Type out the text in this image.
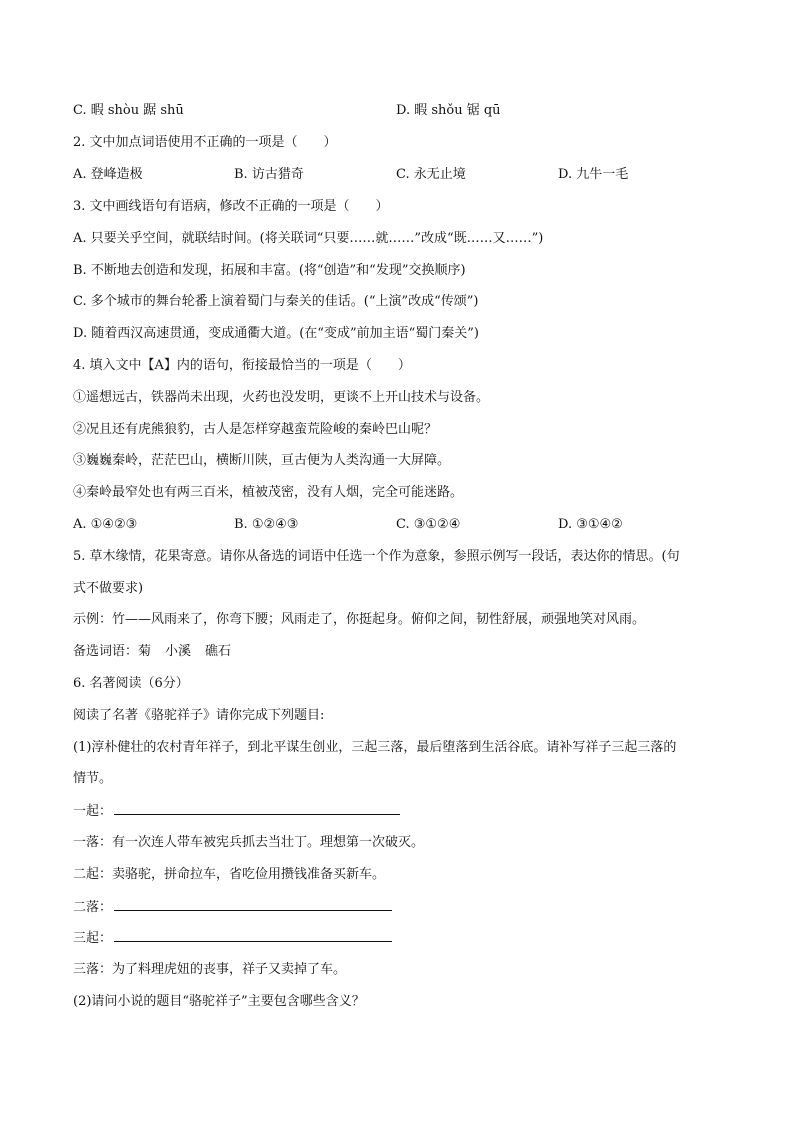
C. 暇 shòu 踞 shū	D. 暇 shǒu 锯 qū
2. 文中加点词语使用不正确的一项是（　　）
A. 登峰造极	B. 访古猎奇	C. 永无止境	D. 九牛一毛
3. 文中画线语句有语病，修改不正确的一项是（　　）
A. 只要关乎空间，就联结时间。(将关联词“只要……就……”改成“既……又……”)
B. 不断地去创造和发现，拓展和丰富。(将“创造”和“发现”交换顺序)
C. 多个城市的舞台轮番上演着蜀门与秦关的佳话。(“上演”改成“传颂”)
D. 随着西汉高速贯通，变成通衢大道。(在“变成”前加主语“蜀门秦关”)
4. 填入文中【A】内的语句，衔接最恰当的一项是（　　）
①遥想远古，铁器尚未出现，火药也没发明，更谈不上开山技术与设备。
②况且还有虎熊狼豹，古人是怎样穿越蛮荒险峻的秦岭巴山呢？
③巍巍秦岭，茫茫巴山，横断川陕，亘古便为人类沟通一大屏障。
④秦岭最窄处也有两三百米，植被茂密，没有人烟，完全可能迷路。
A. ①④②③	B. ①②④③	C. ③①②④	D. ③①④②
5. 草木缘情，花果寄意。请你从备选的词语中任选一个作为意象，参照示例写一段话，表达你的情思。(句
式不做要求)
示例：竹——风雨来了，你弯下腰；风雨走了，你挺起身。俯仰之间，韧性舒展，顽强地笑对风雨。
备选词语：菊 小溪 礁石
6. 名著阅读（6分）
阅读了名著《骆驼祥子》请你完成下列题目:
(1)淳朴健壮的农村青年祥子，到北平谋生创业，三起三落，最后堕落到生活谷底。请补写祥子三起三落的
情节。
一起：
一落：有一次连人带车被宪兵抓去当壮丁。理想第一次破灭。
二起：卖骆驼，拼命拉车，省吃俭用攒钱准备买新车。
二落：
三起：
三落：为了料理虎妞的丧事，祥子又卖掉了车。
(2)请问小说的题目“骆驼祥子”主要包含哪些含义？
